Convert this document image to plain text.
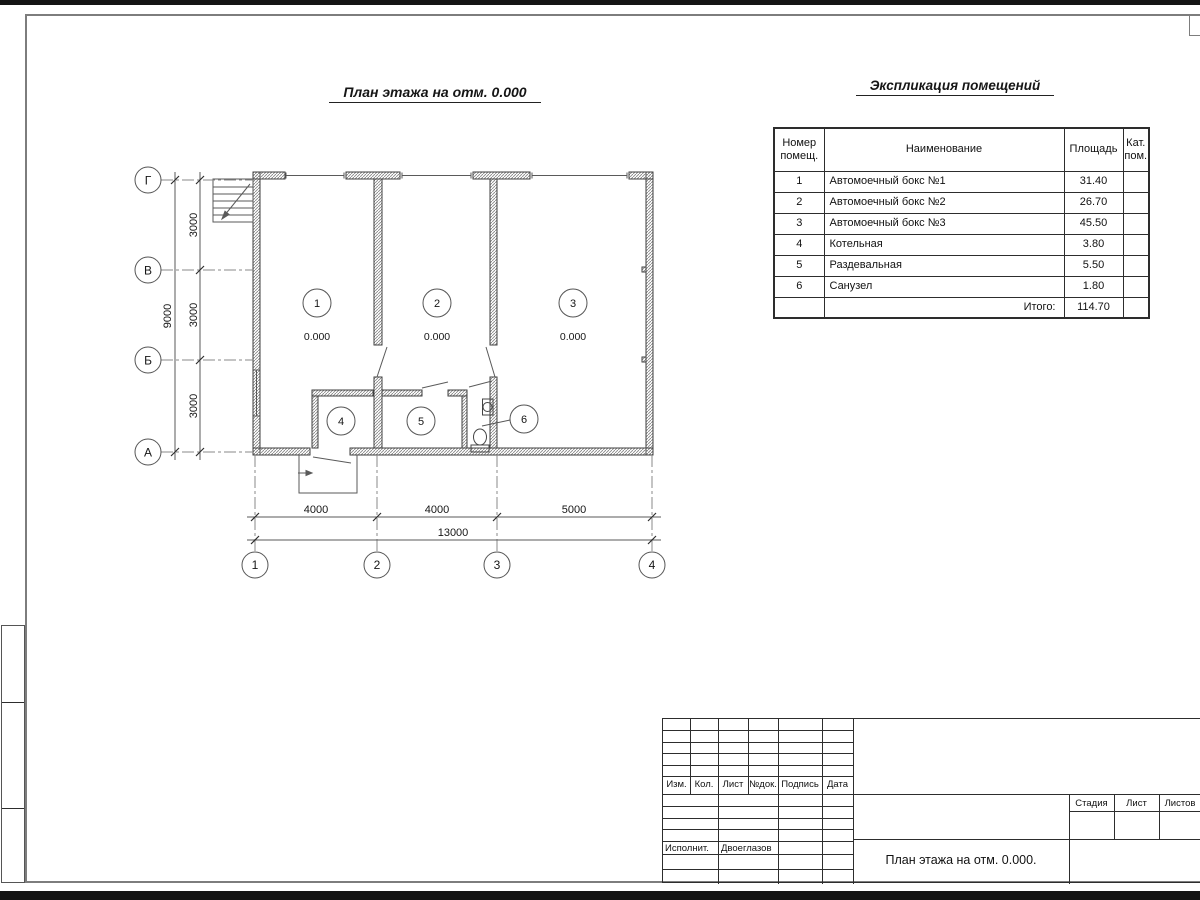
План этажа на отм. 0.000	Экспликация помещений
Номер помещ.	Наименование	Площадь	Кат. пом.
1	Автомоечный бокс №1	31.40	
2	Автомоечный бокс №2	26.70	
3	Автомоечный бокс №3	45.50	
4	Котельная	3.80	
5	Раздевальная	5.50	
6	Санузел	1.80	
	Итого:	114.70	
3000
3000
3000
9000
4000	4000	5000
13000
Г
В
Б
А
1	2	3	4
1	2	3
4	5	6
0.000	0.000	0.000
Изм. Кол. Лист №док. Подпись Дата
Исполнит. Двоеглазов
Стадия	Лист	Листов
План этажа на отм. 0.000.
